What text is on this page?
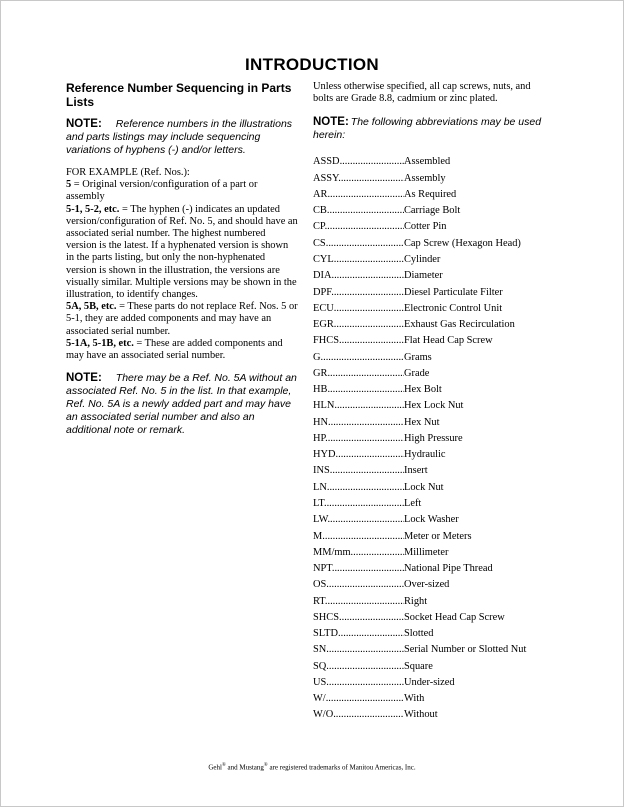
INTRODUCTION
Reference Number Sequencing in Parts Lists

NOTE: Reference numbers in the illustrations and parts listings may include sequencing variations of hyphens (-) and/or letters.

FOR EXAMPLE (Ref. Nos.):

5 = Original version/configuration of a part or assembly

5-1, 5-2, etc. = The hyphen (-) indicates an updated version/configuration of Ref. No. 5, and should have an associated serial number. The highest numbered version is the latest. If a hyphenated version is shown in the parts listing, but only the non-hyphenated version is shown in the illustration, the versions are visually similar. Multiple versions may be shown in the illustration, to identify changes.

5A, 5B, etc. = These parts do not replace Ref. Nos. 5 or 5-1, they are added components and may have an associated serial number.

5-1A, 5-1B, etc. = These are added components and may have an associated serial number.

NOTE: There may be a Ref. No. 5A without an associated Ref. No. 5 in the list. In that example, Ref. No. 5A is a newly added part and may have an associated serial number and also an additional note or remark.

Unless otherwise specified, all cap screws, nuts, and bolts are Grade 8.8, cadmium or zinc plated.

NOTE: The following abbreviations may be used herein:

ASSD .....	Assembled
ASSY .....	Assembly
AR .....	As Required
CB .....	Carriage Bolt
CP .....	Cotter Pin
CS .....	Cap Screw (Hexagon Head)
CYL .....	Cylinder
DIA .....	Diameter
DPF .....	Diesel Particulate Filter
ECU .....	Electronic Control Unit
EGR .....	Exhaust Gas Recirculation
FHCS .....	Flat Head Cap Screw
G .....	Grams
GR .....	Grade
HB .....	Hex Bolt
HLN .....	Hex Lock Nut
HN .....	Hex Nut
HP .....	High Pressure
HYD .....	Hydraulic
INS .....	Insert
LN .....	Lock Nut
LT .....	Left
LW .....	Lock Washer
M .....	Meter or Meters
MM/mm .....	Millimeter
NPT .....	National Pipe Thread
OS .....	Over-sized
RT .....	Right
SHCS .....	Socket Head Cap Screw
SLTD .....	Slotted
SN .....	Serial Number or Slotted Nut
SQ .....	Square
US .....	Under-sized
W/ .....	With
W/O .....	Without
Gehl® and Mustang® are registered trademarks of Manitou Americas, Inc.
